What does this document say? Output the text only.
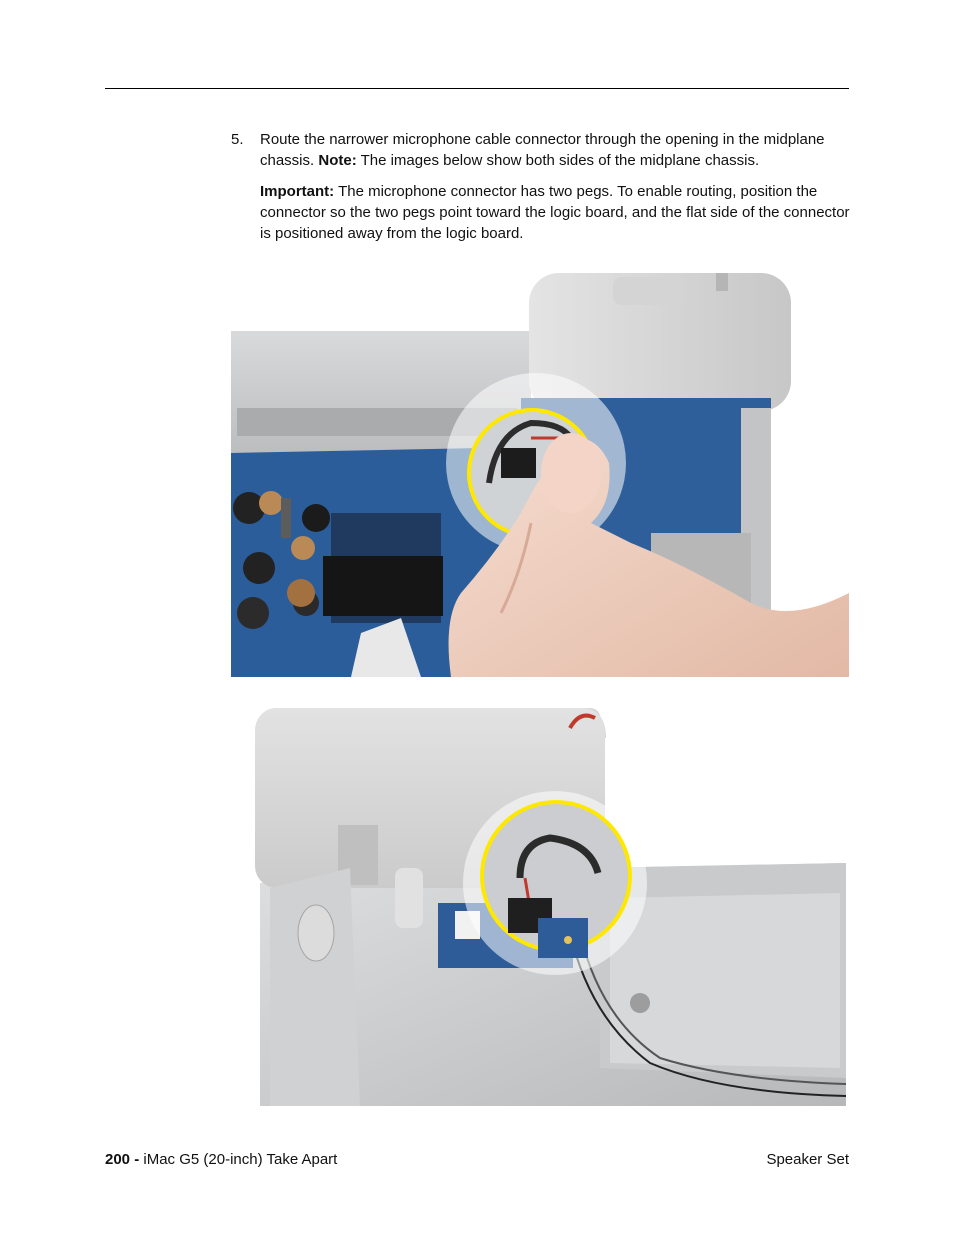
5. Route the narrower microphone cable connector through the opening in the midplane chassis. Note: The images below show both sides of the midplane chassis.

Important: The microphone connector has two pegs. To enable routing, position the connector so the two pegs point toward the logic board, and the flat side of the connector is positioned away from the logic board.

200 - iMac G5 (20-inch) Take Apart	Speaker Set
